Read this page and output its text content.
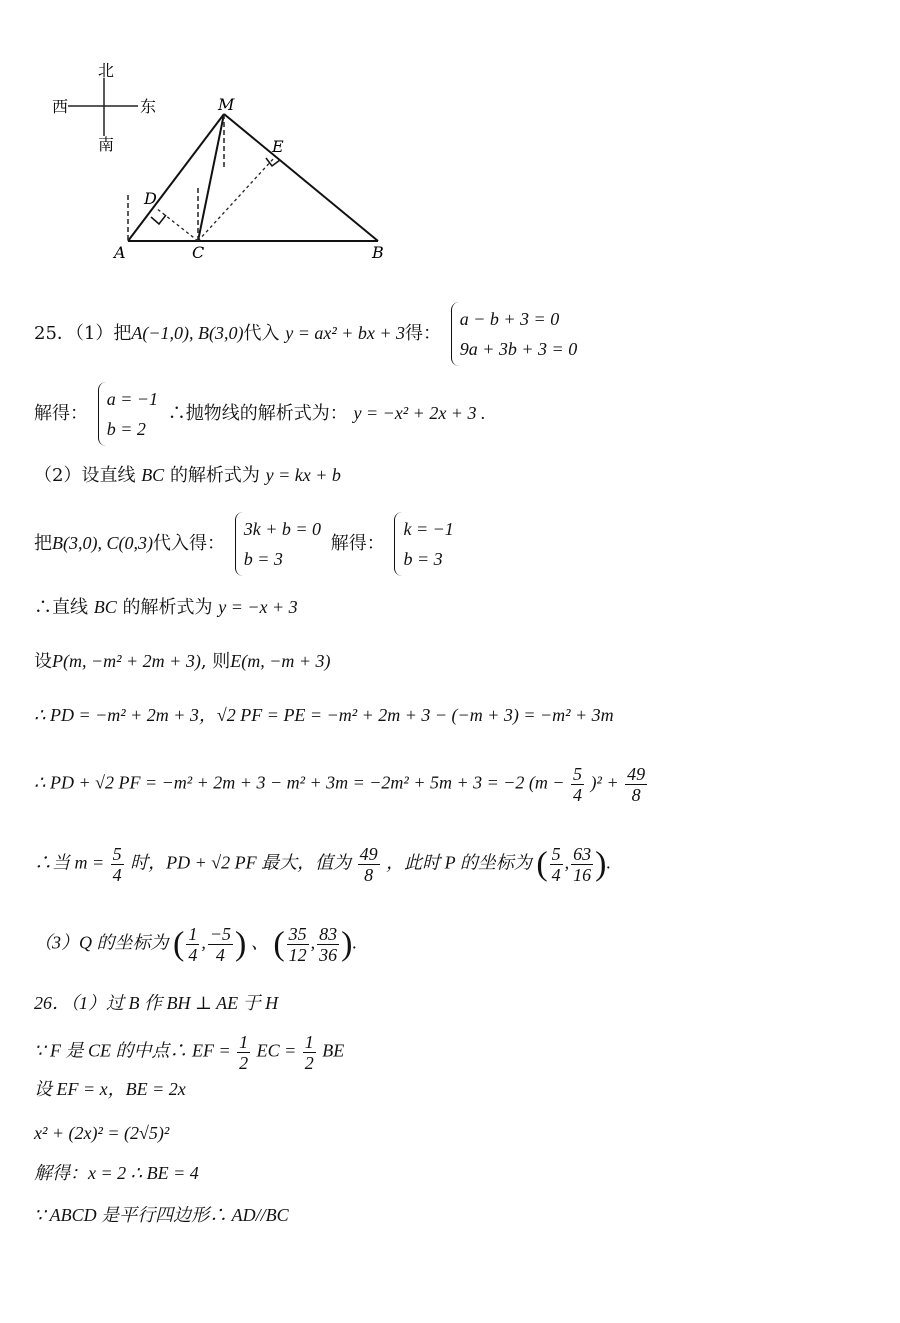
北
南
西	东	M
E
D
A	C	B
25．（1）把A(−1,0), B(3,0)代入 y = ax² + bx + 3得：
a − b + 3 = 0
9a + 3b + 3 = 0
解得：
a = −1
b = 2
∴抛物线的解析式为： y = −x² + 2x + 3 .
（2）设直线 BC 的解析式为 y = kx + b
把B(3,0), C(0,3)代入得：
3k + b = 0
b = 3
解得：
k = −1
b = 3
∴直线 BC 的解析式为 y = −x + 3
设P(m, −m² + 2m + 3), 则E(m, −m + 3)
∴ PD = −m² + 2m + 3，√2 PF = PE = −m² + 2m + 3 − (−m + 3) = −m² + 3m
∴ PD + √2 PF = −m² + 2m + 3 − m² + 3m = −2m² + 5m + 3 = −2 $(m - \frac{5}{4} )^2 + \frac{49}{8}$
∴当 $m = \frac{5}{4}$ 时，PD + √2 PF 最大，值为 $\frac{49}{8}$ ，此时 P 的坐标为 ( $\frac{5}{4}$ , $\frac{63}{16}$ ).
（3）Q 的坐标为 ( $\frac{1}{4}$ , $\frac{-5}{4}$ ) 、 ( $\frac{35}{12}$ , $\frac{83}{36}$ ).
26．（1）过 B 作 BH ⊥ AE 于 H
∵ F 是 CE 的中点∴ EF = $\frac{1}{2}$ EC = $\frac{1}{2}$ BE
设 EF = x，BE = 2x
x² + (2x)² = (2√5)²
解得：x = 2 ∴ BE = 4
∵ ABCD 是平行四边形∴ AD//BC
